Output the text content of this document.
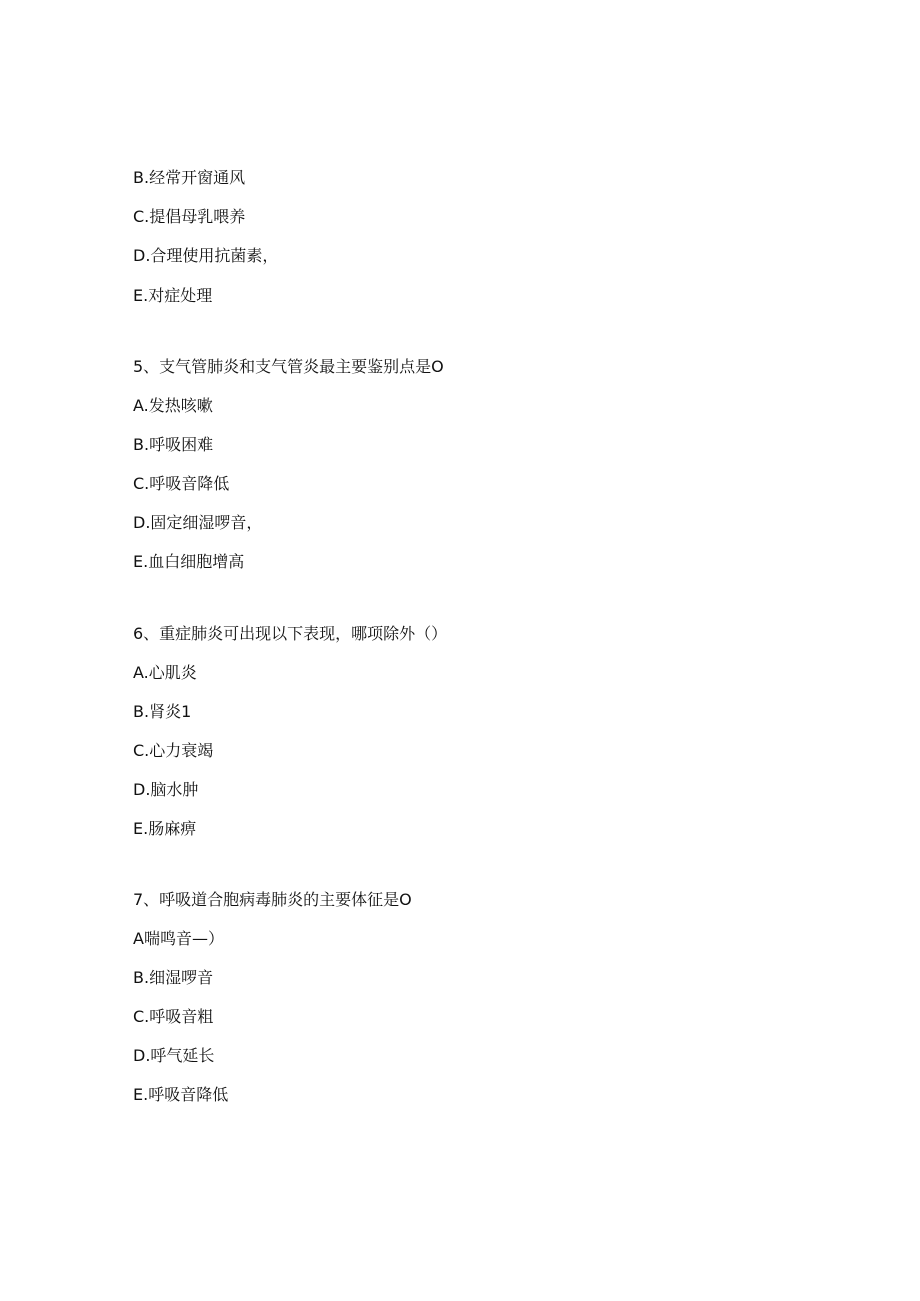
B.经常开窗通风
C.提倡母乳喂养
D.合理使用抗菌素，
E.对症处理
5、支气管肺炎和支气管炎最主要鉴别点是O
A.发热咳嗽
B.呼吸困难
C.呼吸音降低
D.固定细湿啰音，
E.血白细胞增高
6、重症肺炎可出现以下表现，哪项除外（）
A.心肌炎
B.肾炎1
C.心力衰竭
D.脑水肿
E.肠麻痹
7、呼吸道合胞病毒肺炎的主要体征是O
A喘鸣音—）
B.细湿啰音
C.呼吸音粗
D.呼气延长
E.呼吸音降低
